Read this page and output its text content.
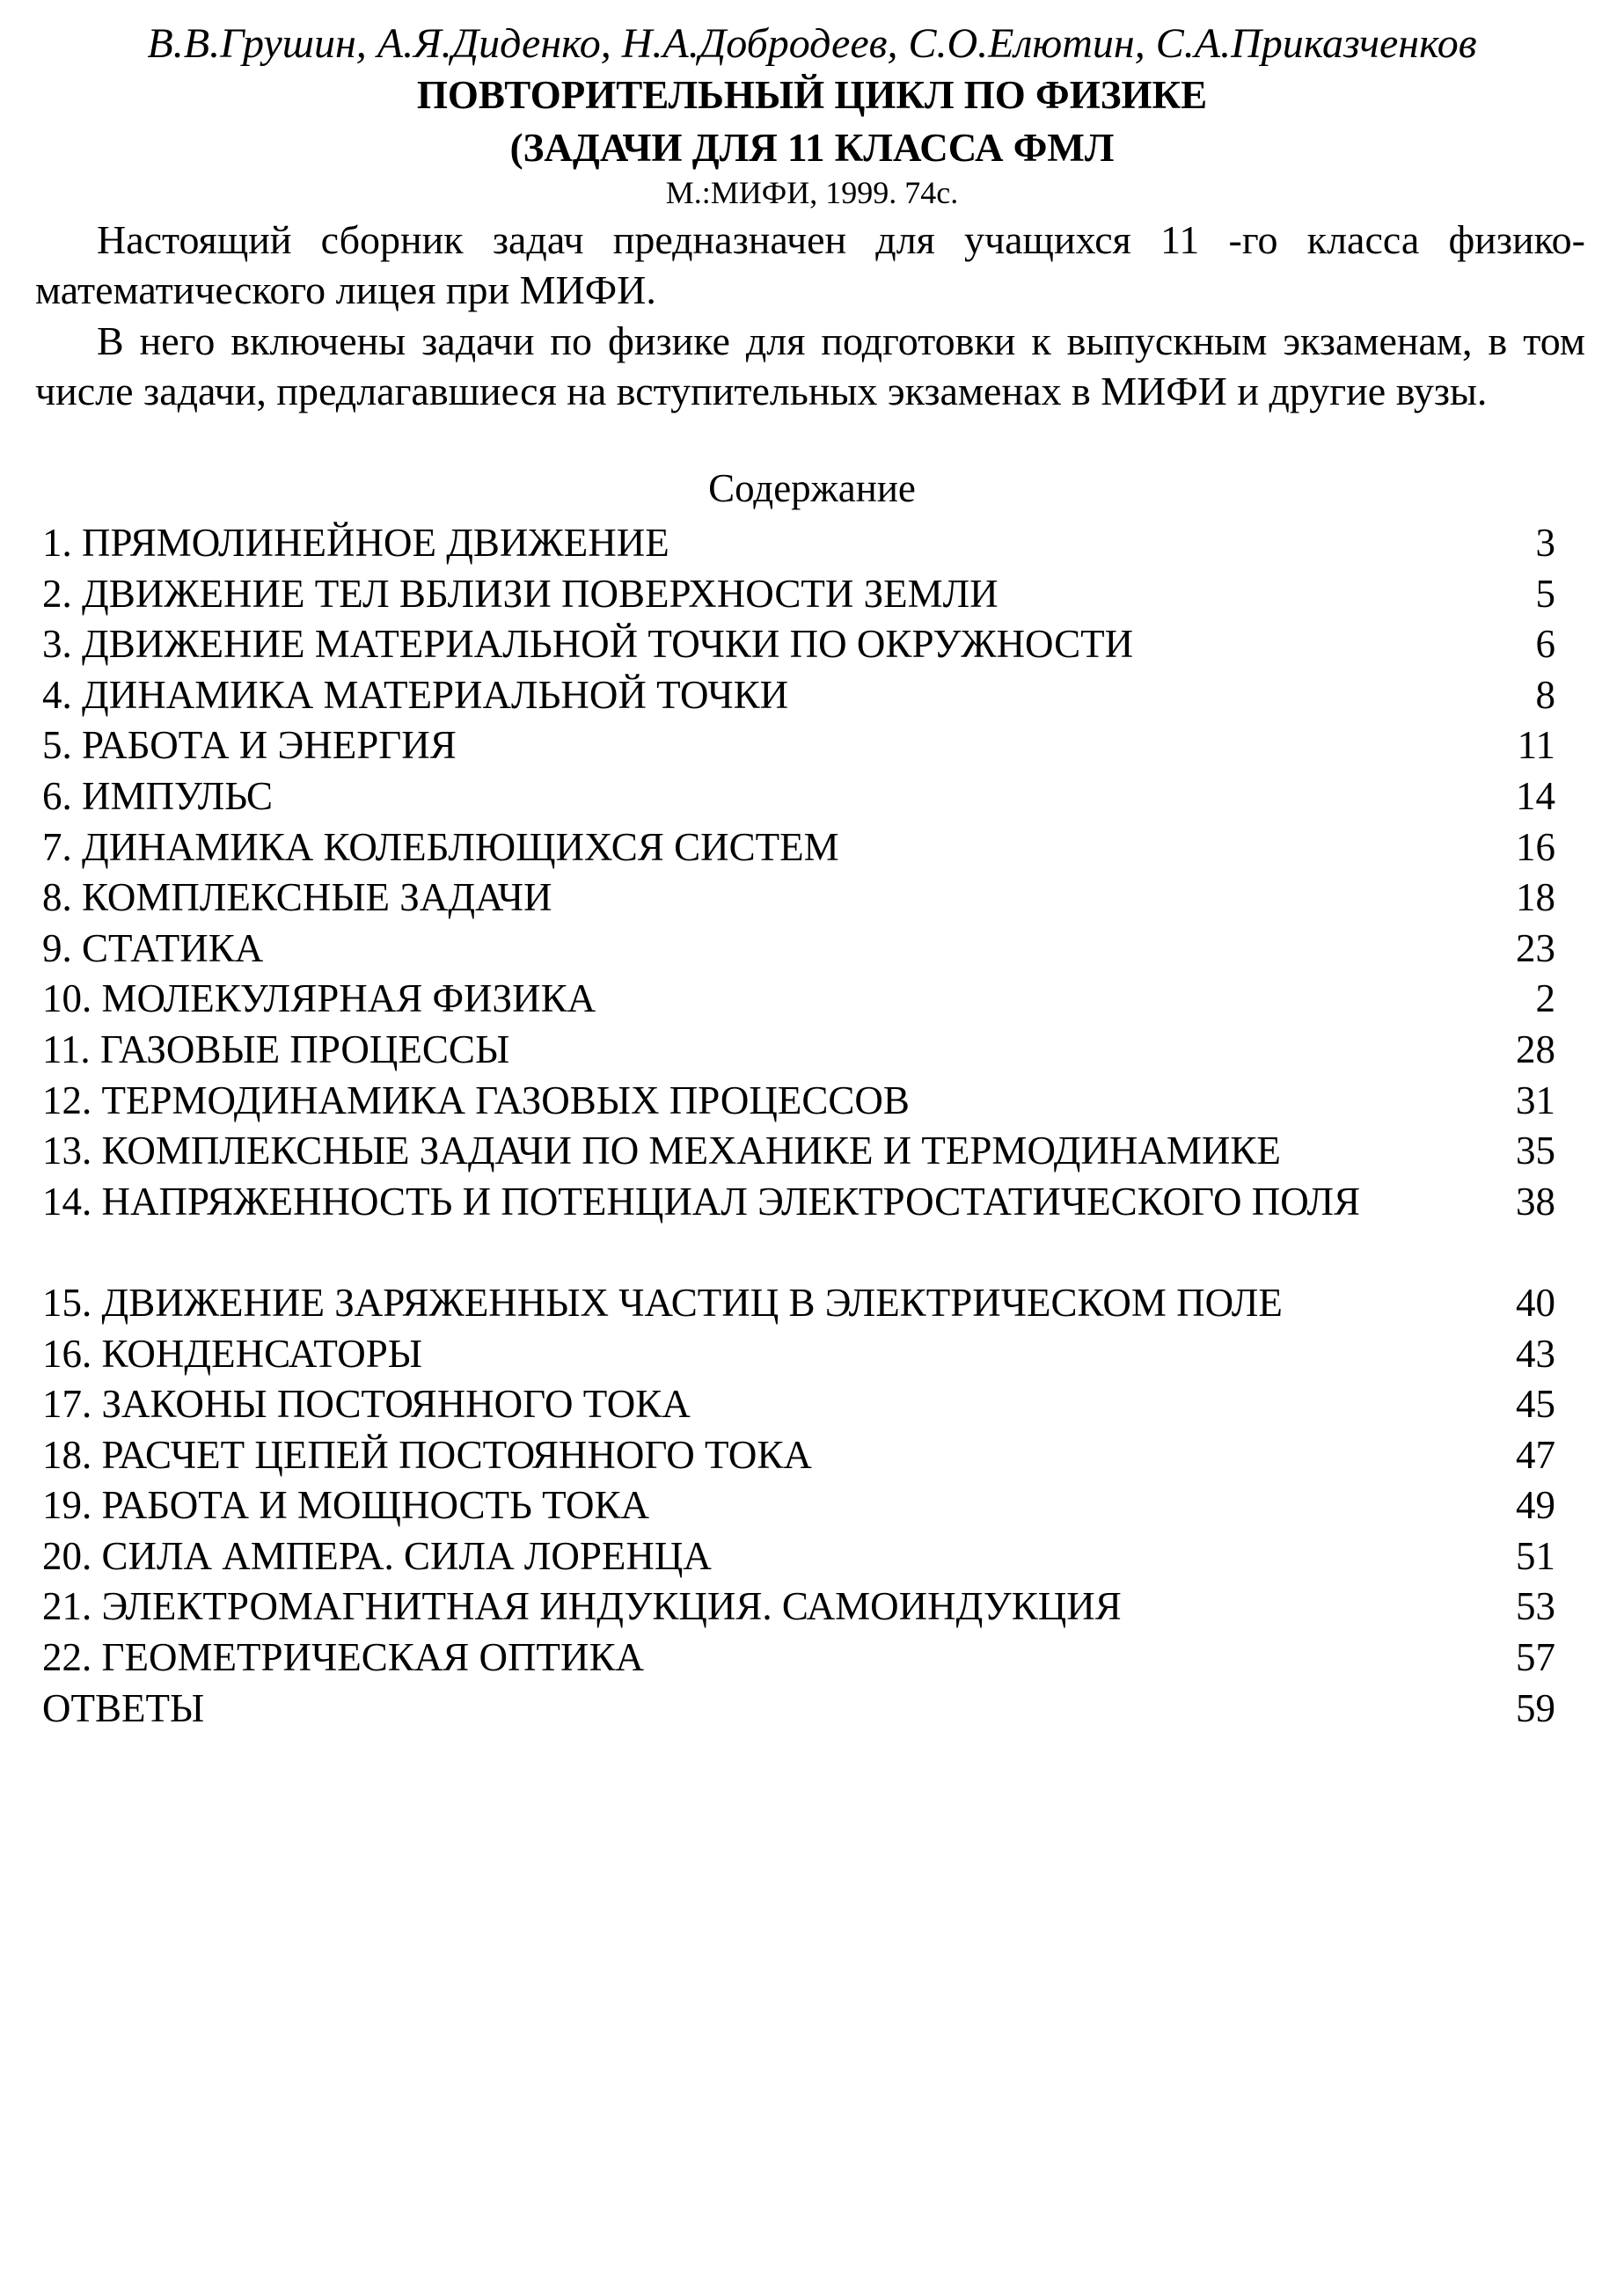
В.В.Грушин, А.Я.Диденко, Н.А.Добродеев, С.О.Елютин, С.А.Приказченков
ПОВТОРИТЕЛЬНЫЙ ЦИКЛ ПО ФИЗИКЕ
(ЗАДАЧИ ДЛЯ 11 КЛАССА ФМЛ
М.:МИФИ, 1999. 74с.
Настоящий сборник задач предназначен для учащихся 11 -го класса физико-математического лицея при МИФИ.
В него включены задачи по физике для подготовки к выпускным экзаменам, в том числе задачи, предлагавшиеся на вступительных экзаменах в МИФИ и другие вузы.
Содержание
1. ПРЯМОЛИНЕЙНОЕ ДВИЖЕНИЕ	3
2. ДВИЖЕНИЕ ТЕЛ ВБЛИЗИ ПОВЕРХНОСТИ ЗЕМЛИ	5
3. ДВИЖЕНИЕ МАТЕРИАЛЬНОЙ ТОЧКИ ПО ОКРУЖНОСТИ	6
4. ДИНАМИКА МАТЕРИАЛЬНОЙ ТОЧКИ	8
5. РАБОТА И ЭНЕРГИЯ	11
6. ИМПУЛЬС	14
7. ДИНАМИКА КОЛЕБЛЮЩИХСЯ СИСТЕМ	16
8. КОМПЛЕКСНЫЕ ЗАДАЧИ	18
9. СТАТИКА	23
10. МОЛЕКУЛЯРНАЯ ФИЗИКА	2
11. ГАЗОВЫЕ ПРОЦЕССЫ	28
12. ТЕРМОДИНАМИКА ГАЗОВЫХ ПРОЦЕССОВ	31
13. КОМПЛЕКСНЫЕ ЗАДАЧИ ПО МЕХАНИКЕ И ТЕРМОДИНАМИКЕ	35
14. НАПРЯЖЕННОСТЬ И ПОТЕНЦИАЛ ЭЛЕКТРОСТАТИЧЕСКОГО ПОЛЯ	38
15. ДВИЖЕНИЕ ЗАРЯЖЕННЫХ ЧАСТИЦ В ЭЛЕКТРИЧЕСКОМ ПОЛЕ	40
16. КОНДЕНСАТОРЫ	43
17. ЗАКОНЫ ПОСТОЯННОГО ТОКА	45
18. РАСЧЕТ ЦЕПЕЙ ПОСТОЯННОГО ТОКА	47
19. РАБОТА И МОЩНОСТЬ ТОКА	49
20. СИЛА АМПЕРА. СИЛА ЛОРЕНЦА	51
21. ЭЛЕКТРОМАГНИТНАЯ ИНДУКЦИЯ. САМОИНДУКЦИЯ	53
22. ГЕОМЕТРИЧЕСКАЯ ОПТИКА	57
ОТВЕТЫ	59
